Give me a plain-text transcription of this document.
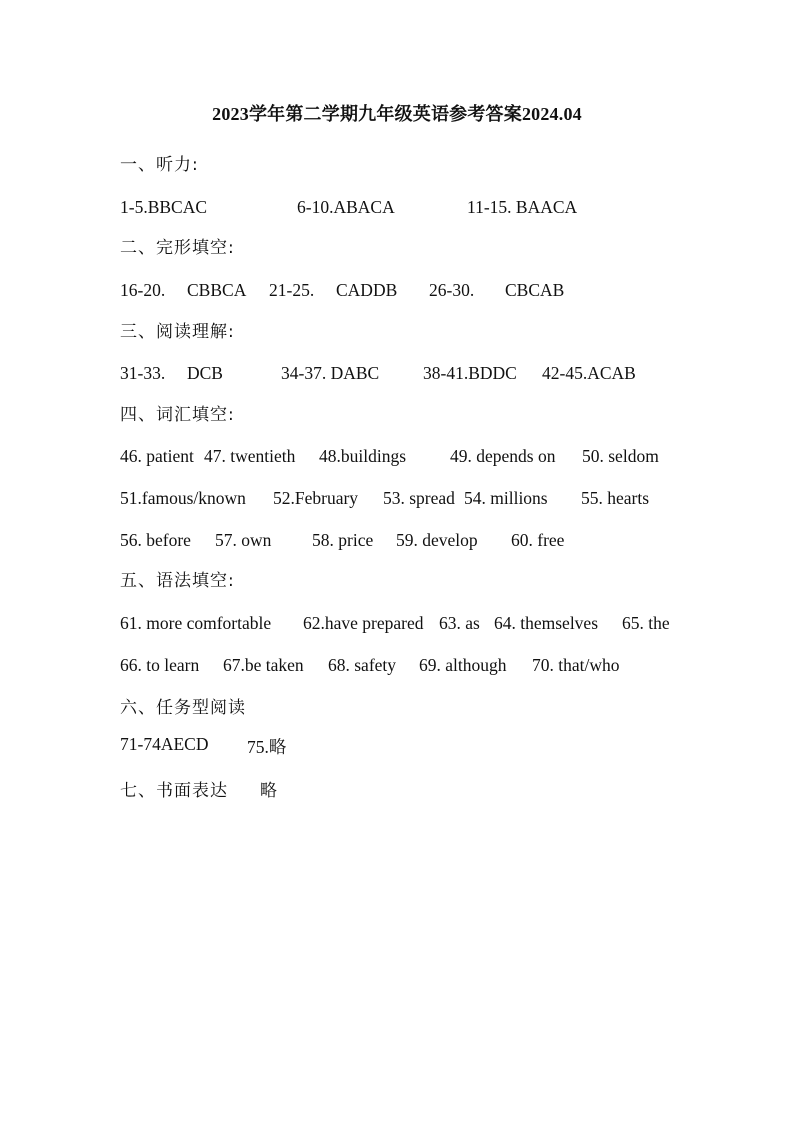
2023学年第二学期九年级英语参考答案2024.04
一、听力:
1-5.BBCAC	6-10.ABACA	11-15. BAACA
二、完形填空:
16-20. CBBCA 21-25. CADDB 26-30. CBCAB
三、阅读理解:
31-33. DCB	34-37. DABC	38-41.BDDC 42-45.ACAB
四、词汇填空:
46. patient 47. twentieth 48.buildings	49. depends on 50. seldom
51.famous/known 52.February 53. spread 54. millions 55. hearts
56. before 57. own 58. price 59. develop 60. free
五、语法填空:
61. more comfortable 62.have prepared 63. as 64. themselves 65. the
66. to learn 67.be taken 68. safety 69. although 70. that/who
六、任务型阅读
71-74AECD 75.略
七、书面表达 略
